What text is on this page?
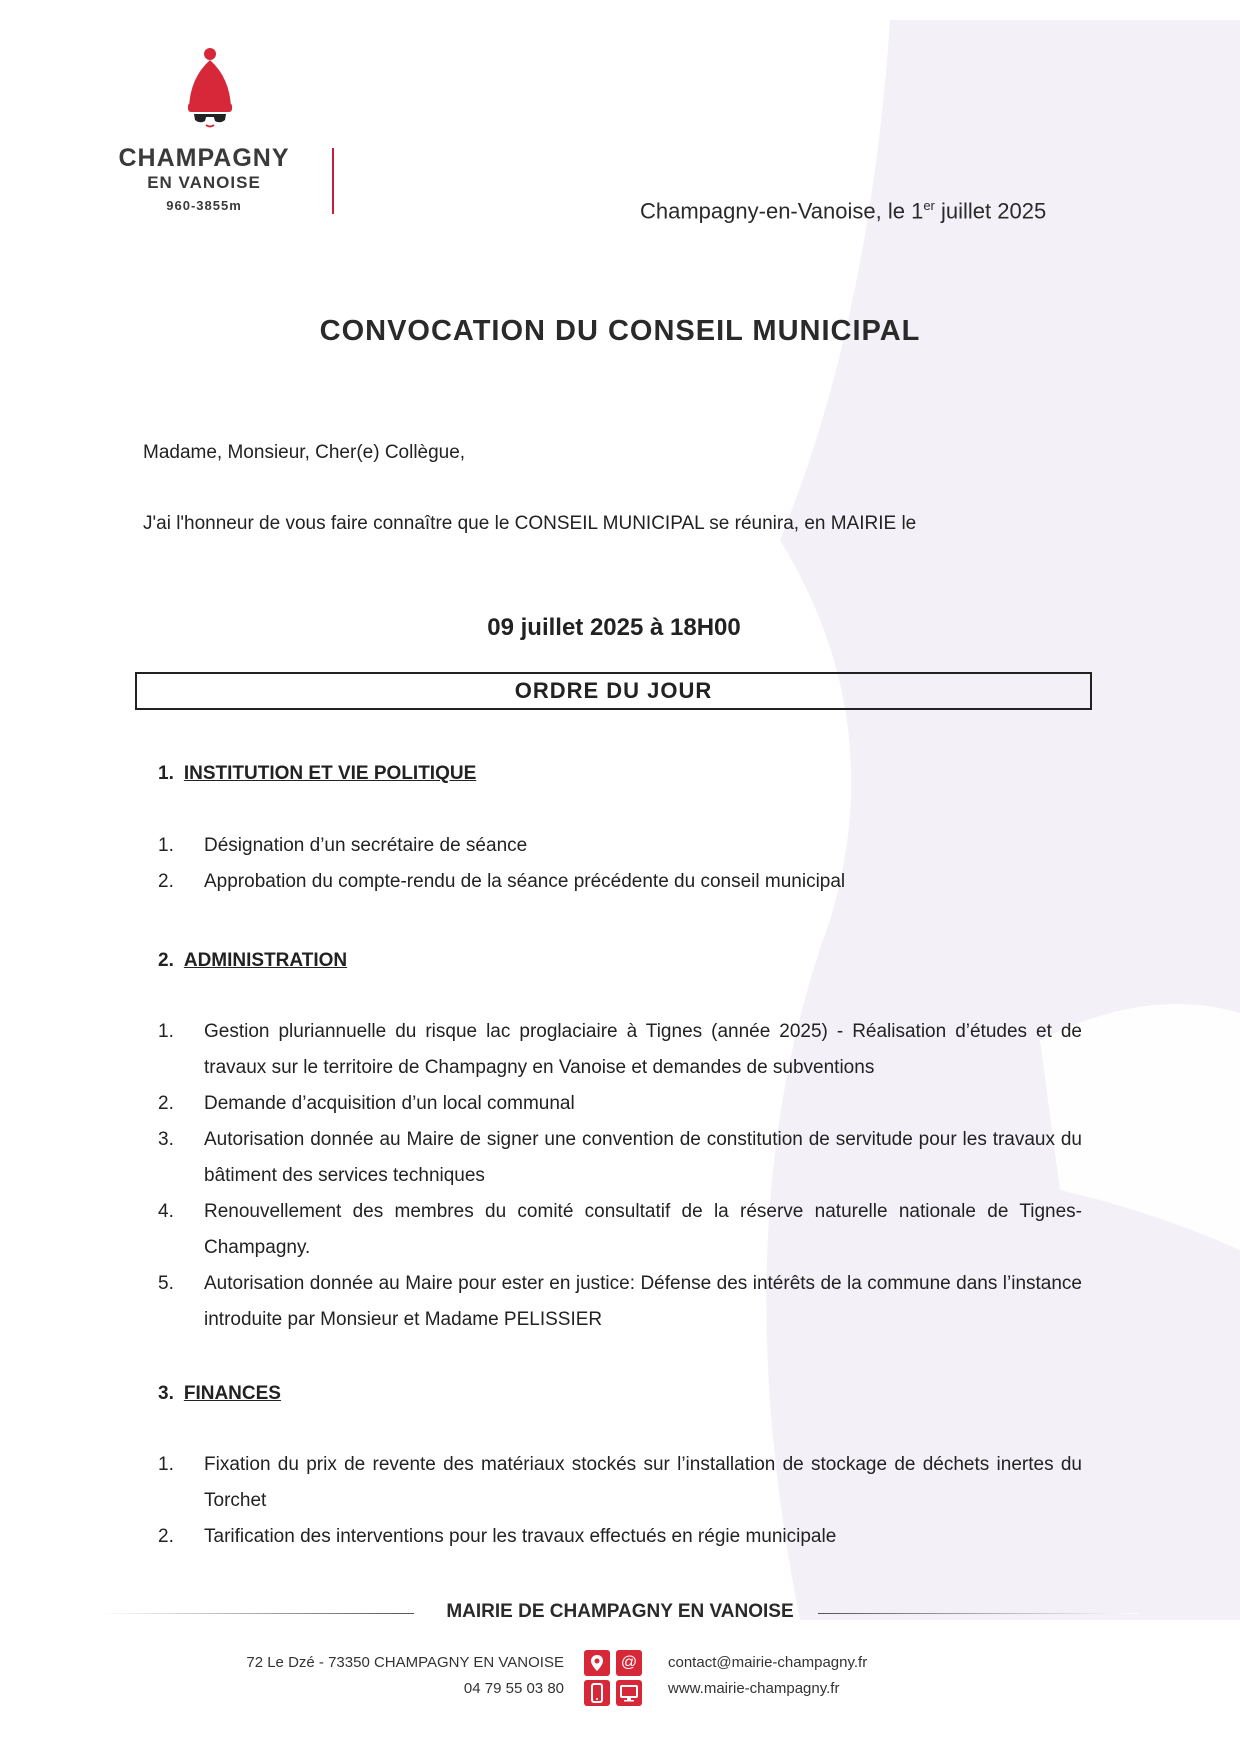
CHAMPAGNY
EN VANOISE
960-3855m	Champagny-en-Vanoise, le 1er juillet 2025
CONVOCATION DU CONSEIL MUNICIPAL
Madame, Monsieur, Cher(e) Collègue,
J'ai l'honneur de vous faire connaître que le CONSEIL MUNICIPAL se réunira, en MAIRIE le
09 juillet 2025 à 18H00
ORDRE DU JOUR
1. INSTITUTION ET VIE POLITIQUE
1. Désignation d’un secrétaire de séance
2. Approbation du compte-rendu de la séance précédente du conseil municipal
2. ADMINISTRATION
1. Gestion pluriannuelle du risque lac proglaciaire à Tignes (année 2025) - Réalisation d’études et de travaux sur le territoire de Champagny en Vanoise et demandes de subventions
2. Demande d’acquisition d’un local communal
3. Autorisation donnée au Maire de signer une convention de constitution de servitude pour les travaux du bâtiment des services techniques
4. Renouvellement des membres du comité consultatif de la réserve naturelle nationale de Tignes-Champagny.
5. Autorisation donnée au Maire pour ester en justice: Défense des intérêts de la commune dans l’instance introduite par Monsieur et Madame PELISSIER
3. FINANCES
1. Fixation du prix de revente des matériaux stockés sur l’installation de stockage de déchets inertes du Torchet
2. Tarification des interventions pour les travaux effectués en régie municipale
MAIRIE DE CHAMPAGNY EN VANOISE
72 Le Dzé - 73350 CHAMPAGNY EN VANOISE
04 79 55 03 80
@	contact@mairie-champagny.fr
www.mairie-champagny.fr
